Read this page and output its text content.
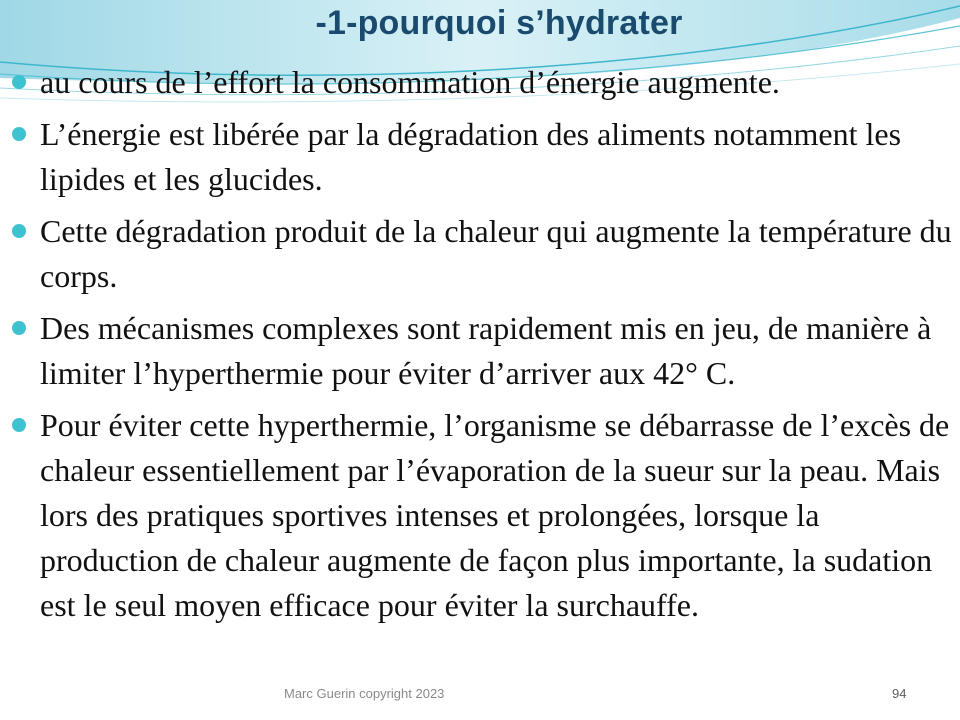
-1-pourquoi s’hydrater
au cours de l’effort la consommation d’énergie augmente.
L’énergie est libérée par la dégradation des aliments notamment les lipides et les glucides.
Cette dégradation produit de la chaleur qui augmente la température du corps.
Des mécanismes complexes sont rapidement mis en jeu, de manière à limiter l’hyperthermie pour éviter d’arriver aux 42° C.
Pour éviter cette hyperthermie, l’organisme se débarrasse de l’excès de chaleur essentiellement par l’évaporation de la sueur sur la peau. Mais lors des pratiques sportives intenses et prolongées, lorsque la production de chaleur augmente de façon plus importante, la sudation est le seul moyen efficace pour éviter la surchauffe.
Marc Guerin copyright 2023	94
